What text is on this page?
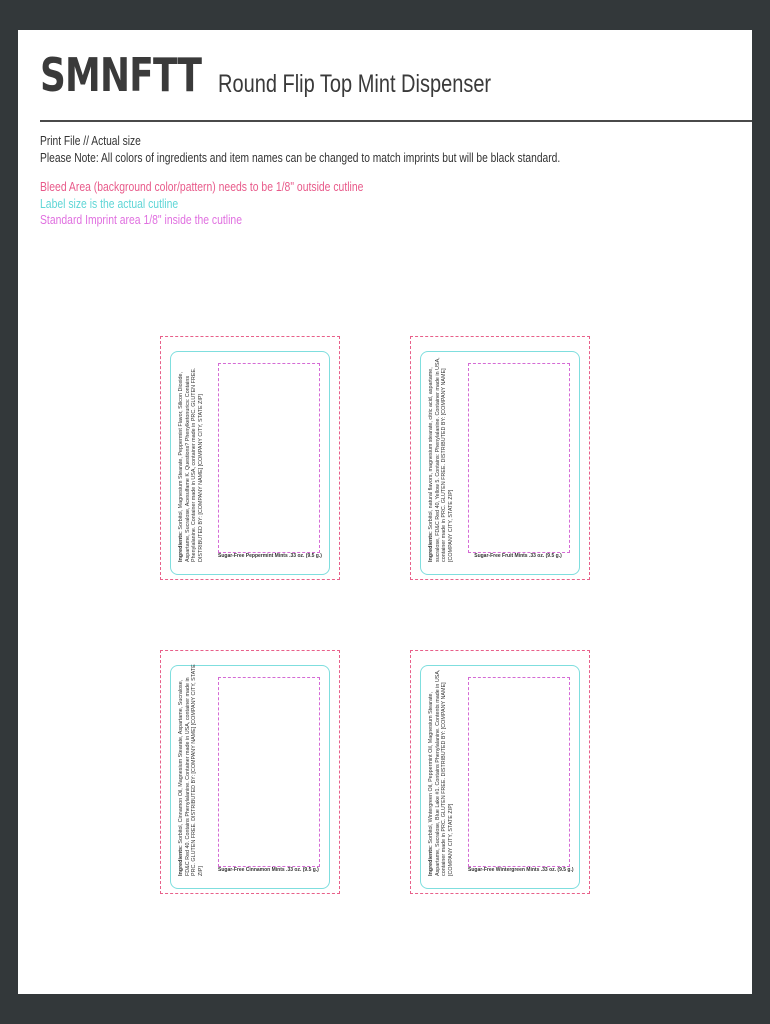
SMNFTT Round Flip Top Mint Dispenser
Print File // Actual size
Please Note: All colors of ingredients and item names can be changed to match imprints but will be black standard.
Bleed Area (background color/pattern) needs to be 1/8" outside cutline
Label size is the actual cutline
Standard Imprint area 1/8" inside the cutline
Ingredients: Sorbitol, Magnesium Stearate, Peppermint Flavor, Silicon Dioxide, Aspartame, Sucralose, Acesulfame K. Questions? Phenylketonurics: Contains Phenylalanine. Container made in USA, container made in PRC. GLUTEN FREE. DISTRIBUTED BY: [COMPANY NAME] [COMPANY CITY, STATE ZIP]	Sugar-Free Peppermint Mints .33 oz. (9.5 g.)	Ingredients: Sorbitol, natural flavors, magnesium stearate, citric acid, aspartame, sucralose, FD&C Red 40, Yellow 5. Contains: Phenylalanine. Container made in USA, container made in PRC. GLUTEN FREE. DISTRIBUTED BY: [COMPANY NAME] [COMPANY CITY, STATE ZIP]	Sugar-Free Fruit Mints .33 oz. (9.5 g.)
Ingredients: Sorbitol, Cinnamon Oil, Magnesium Stearate, Aspartame, Sucralose, FD&C Red 40. Contains Phenylalanine. Container made in USA, container made in PRC. GLUTEN FREE. DISTRIBUTED BY: [COMPANY NAME] [COMPANY CITY, STATE ZIP]	Sugar-Free Cinnamon Mints .33 oz. (9.5 g.)	Ingredients: Sorbitol, Wintergreen Oil, Peppermint Oil, Magnesium Stearate, Aspartame, Sucralose, Blue Lake #1. Contains Phenylalanine. Contents made in USA, container made in PRC. GLUTEN FREE. DISTRIBUTED BY: [COMPANY NAME] [COMPANY CITY, STATE ZIP]	Sugar-Free Wintergreen Mints .33 oz. (9.5 g.)
